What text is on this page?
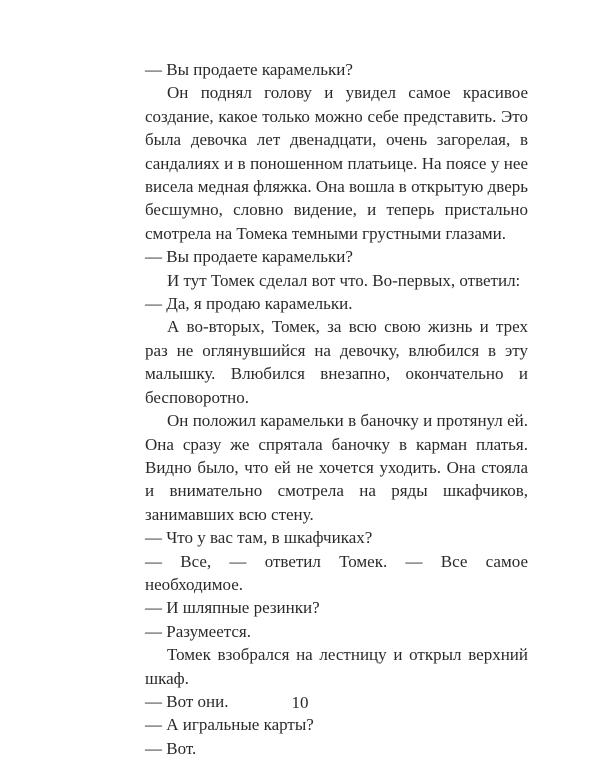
— Вы продаете карамельки?

Он поднял голову и увидел самое красивое создание, какое только можно себе представить. Это была девочка лет двенадцати, очень загорелая, в сандалиях и в поношенном платьице. На поясе у нее висела медная фляжка. Она вошла в открытую дверь бесшумно, словно видение, и теперь пристально смотрела на Томека темными грустными глазами.

— Вы продаете карамельки?

И тут Томек сделал вот что. Во-первых, ответил:

— Да, я продаю карамельки.

А во-вторых, Томек, за всю свою жизнь и трех раз не оглянувшийся на девочку, влюбился в эту малышку. Влюбился внезапно, окончательно и бесповоротно.

Он положил карамельки в баночку и протянул ей. Она сразу же спрятала баночку в карман платья. Видно было, что ей не хочется уходить. Она стояла и внимательно смотрела на ряды шкафчиков, занимавших всю стену.

— Что у вас там, в шкафчиках?

— Все, — ответил Томек. — Все самое необходимое.

— И шляпные резинки?

— Разумеется.

Томек взобрался на лестницу и открыл верхний шкаф.

— Вот они.

— А игральные карты?

— Вот.

10
